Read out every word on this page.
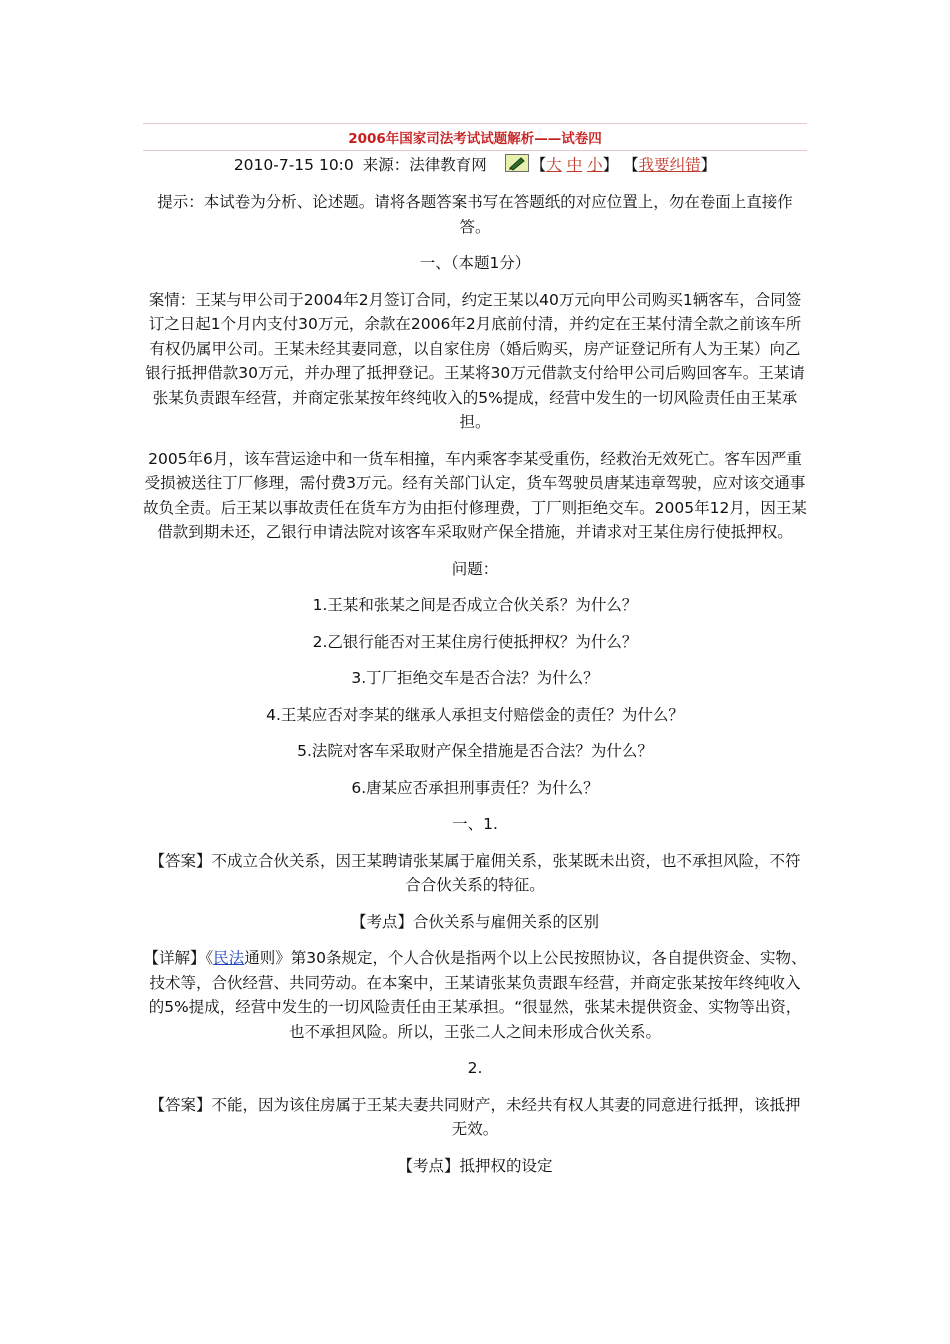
2006年国家司法考试试题解析——试卷四
2010-7-15 10:0 来源：法律教育网	【大 中 小】 【我要纠错】

提示：本试卷为分析、论述题。请将各题答案书写在答题纸的对应位置上，勿在卷面上直接作答。

一、（本题1分）

案情：王某与甲公司于2004年2月签订合同，约定王某以40万元向甲公司购买1辆客车，合同签订之日起1个月内支付30万元，余款在2006年2月底前付清，并约定在王某付清全款之前该车所有权仍属甲公司。王某未经其妻同意，以自家住房（婚后购买，房产证登记所有人为王某）向乙银行抵押借款30万元，并办理了抵押登记。王某将30万元借款支付给甲公司后购回客车。王某请张某负责跟车经营，并商定张某按年终纯收入的5%提成，经营中发生的一切风险责任由王某承担。

2005年6月，该车营运途中和一货车相撞，车内乘客李某受重伤，经救治无效死亡。客车因严重受损被送往丁厂修理，需付费3万元。经有关部门认定，货车驾驶员唐某违章驾驶，应对该交通事故负全责。后王某以事故责任在货车方为由拒付修理费，丁厂则拒绝交车。2005年12月，因王某借款到期未还，乙银行申请法院对该客车采取财产保全措施，并请求对王某住房行使抵押权。

问题：

1.王某和张某之间是否成立合伙关系？为什么？

2.乙银行能否对王某住房行使抵押权？为什么？

3.丁厂拒绝交车是否合法？为什么？

4.王某应否对李某的继承人承担支付赔偿金的责任？为什么？

5.法院对客车采取财产保全措施是否合法？为什么？

6.唐某应否承担刑事责任？为什么？

一、1.

【答案】不成立合伙关系，因王某聘请张某属于雇佣关系，张某既未出资，也不承担风险，不符合合伙关系的特征。

【考点】合伙关系与雇佣关系的区别

【详解】《民法通则》第30条规定，个人合伙是指两个以上公民按照协议，各自提供资金、实物、技术等，合伙经营、共同劳动。在本案中，王某请张某负责跟车经营，并商定张某按年终纯收入的5%提成，经营中发生的一切风险责任由王某承担。“很显然，张某未提供资金、实物等出资，也不承担风险。所以，王张二人之间未形成合伙关系。

2.

【答案】不能，因为该住房属于王某夫妻共同财产，未经共有权人其妻的同意进行抵押，该抵押无效。

【考点】抵押权的设定
